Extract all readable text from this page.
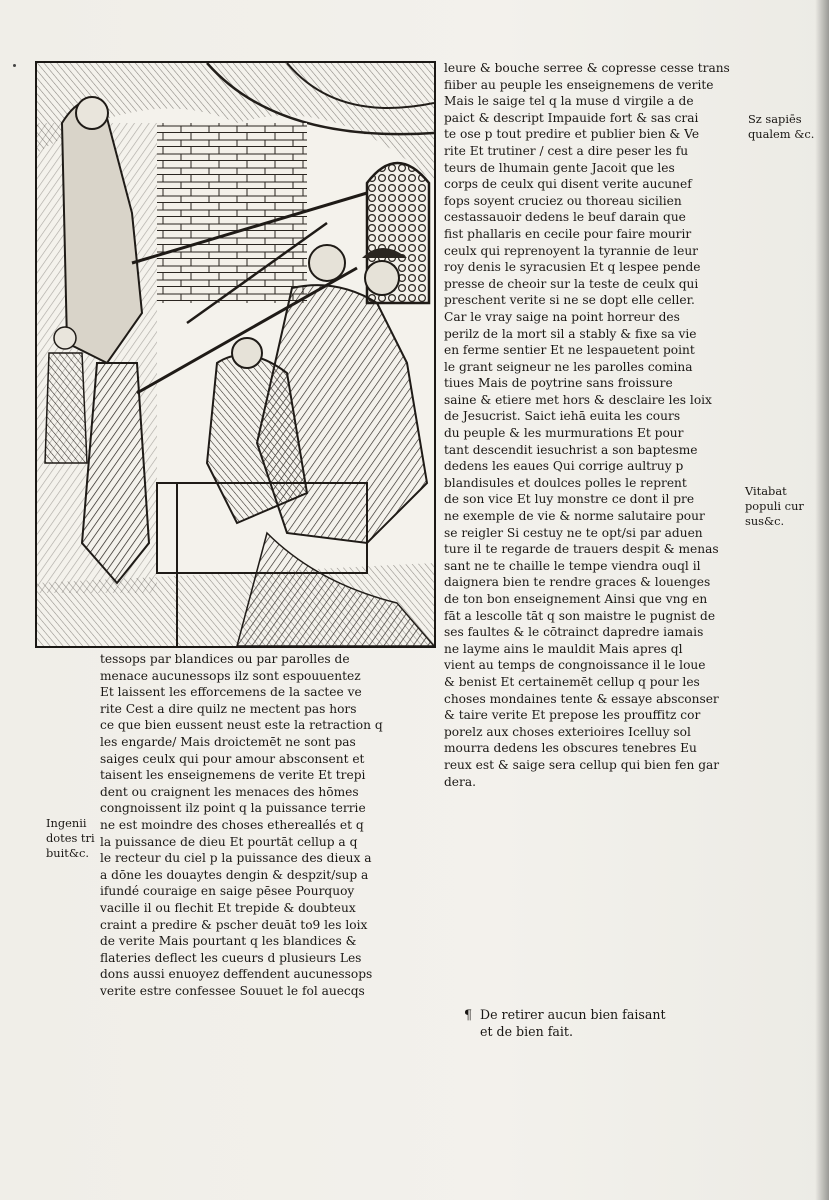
leure & bouche serree & copresse cesse trans

fiiber au peuple les enseignemens de verite

Mais le saige tel q la muse d virgile a de

paict & descript Impauide fort & sas crai

te ose p tout predire et publier bien & Ve

rite Et trutiner / cest a dire peser les fu

teurs de lhumain gente Jacoit que les

corps de ceulx qui disent verite aucunef

fops soyent cruciez ou thoreau sicilien

cestassauoir dedens le beuf darain que

fist phallaris en cecile pour faire mourir

ceulx qui reprenoyent la tyrannie de leur

roy denis le syracusien Et q lespee pende

presse de cheoir sur la teste de ceulx qui

preschent verite si ne se dopt elle celler.

Car le vray saige na point horreur des

perilz de la mort sil a stably & fixe sa vie

en ferme sentier Et ne lespauetent point

le grant seigneur ne les parolles comina

tiues Mais de poytrine sans froissure

saine & etiere met hors & desclaire les loix

de Jesucrist. Saict iehā euita les cours

du peuple & les murmurations Et pour

tant descendit iesuchrist a son baptesme

dedens les eaues Qui corrige aultruy p

blandisules et doulces polles le reprent

de son vice Et luy monstre ce dont il pre

ne exemple de vie & norme salutaire pour

se reigler Si cestuy ne te opt/si par aduen

ture il te regarde de trauers despit & menas

sant ne te chaille le tempe viendra ouql il

daignera bien te rendre graces & louenges

de ton bon enseignement Ainsi que vng en

fāt a lescolle tāt q son maistre le pugnist de

ses faultes & le cōtrainct dapredre iamais

ne layme ains le mauldit Mais apres ql

vient au temps de congnoissance il le loue

& benist Et certainemēt cellup q pour les

choses mondaines tente & essaye absconser

& taire verite Et prepose les prouffitz cor

porelz aux choses exterioires Icelluy sol

mourra dedens les obscures tenebres Eu

reux est & saige sera cellup qui bien fen gar

dera.

tessops par blandices ou par parolles de

menace aucunessops ilz sont espouuentez

Et laissent les efforcemens de la sactee ve

rite Cest a dire quilz ne mectent pas hors

ce que bien eussent neust este la retraction q

les engarde/ Mais droictemēt ne sont pas

saiges ceulx qui pour amour absconsent et

taisent les enseignemens de verite Et trepi

dent ou craignent les menaces des hōmes

congnoissent ilz point q la puissance terrie

ne est moindre des choses ethereallés et q

la puissance de dieu Et pourtāt cellup a q

le recteur du ciel p la puissance des dieux a

a dōne les douaytes dengin & despzit/sup a

ifundé couraige en saige pēsee Pourquoy

vacille il ou flechit Et trepide & doubteux

craint a predire & pscher deuāt to9 les loix

de verite Mais pourtant q les blandices &

flateries deflect les cueurs d plusieurs Les

dons aussi enuoyez deffendent aucunessops

verite estre confessee Souuet le fol auecqs

Sz sapiēs

qualem &c.

Vitabat

populi cur

sus&c.

Ingenii

dotes tri

buit&c.

¶ De retirer aucun bien faisant

et de bien fait.
